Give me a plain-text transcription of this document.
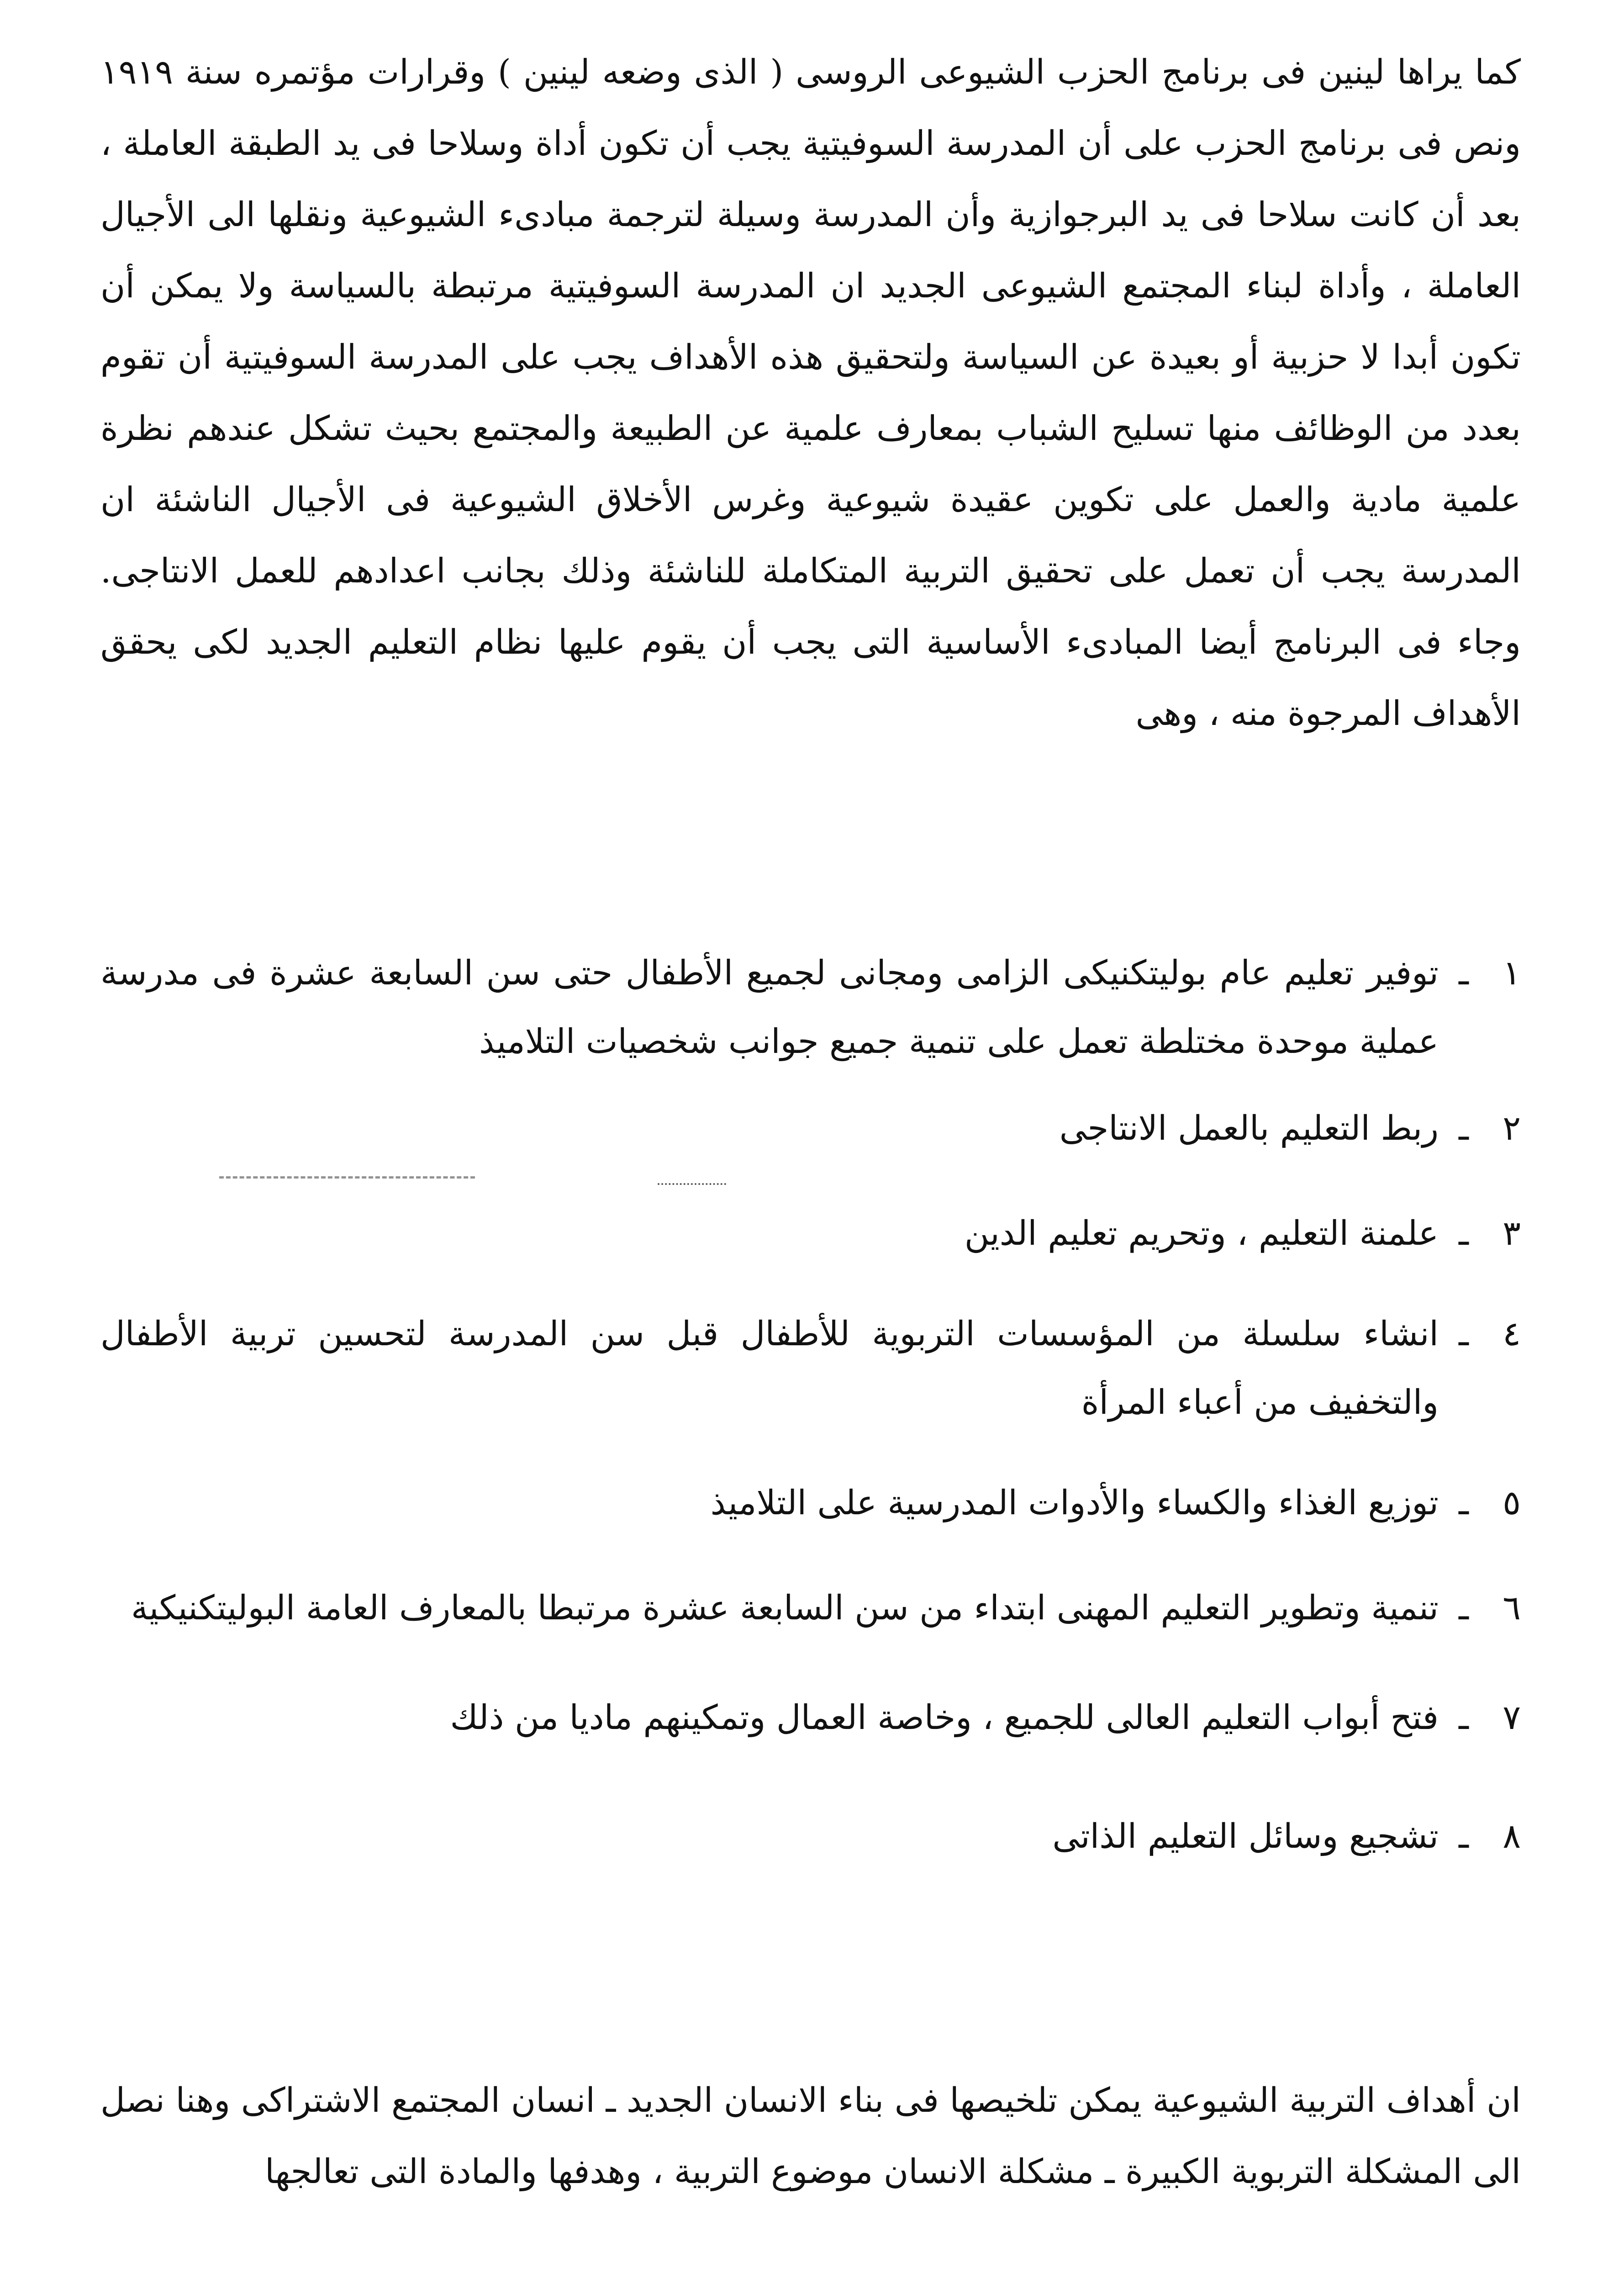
كما يراها لينين فى برنامج الحزب الشيوعى الروسى ( الذى وضعه لينين ) وقرارات مؤتمره سنة ١٩١٩ ونص فى برنامج الحزب على أن المدرسة السوفيتية يجب أن تكون أداة وسلاحا فى يد الطبقة العاملة ، بعد أن كانت سلاحا فى يد البرجوازية وأن المدرسة وسيلة لترجمة مبادىء الشيوعية ونقلها الى الأجيال العاملة ، وأداة لبناء المجتمع الشيوعى الجديد ان المدرسة السوفيتية مرتبطة بالسياسة ولا يمكن أن تكون أبدا لا حزبية أو بعيدة عن السياسة ولتحقيق هذه الأهداف يجب على المدرسة السوفيتية أن تقوم بعدد من الوظائف منها تسليح الشباب بمعارف علمية عن الطبيعة والمجتمع بحيث تشكل عندهم نظرة علمية مادية والعمل على تكوين عقيدة شيوعية وغرس الأخلاق الشيوعية فى الأجيال الناشئة ان المدرسة يجب أن تعمل على تحقيق التربية المتكاملة للناشئة وذلك بجانب اعدادهم للعمل الانتاجى. وجاء فى البرنامج أيضا المبادىء الأساسية التى يجب أن يقوم عليها نظام التعليم الجديد لكى يحقق الأهداف المرجوة منه ، وهى

١
ـ
توفير تعليم عام بوليتكنيكى الزامى ومجانى لجميع الأطفال حتى سن السابعة عشرة فى مدرسة عملية موحدة مختلطة تعمل على تنمية جميع جوانب شخصيات التلاميذ
٢
ـ
ربط التعليم بالعمل الانتاجى
٣
ـ
علمنة التعليم ، وتحريم تعليم الدين
٤
ـ
انشاء سلسلة من المؤسسات التربوية للأطفال قبل سن المدرسة لتحسين تربية الأطفال والتخفيف من أعباء المرأة
٥
ـ
توزيع الغذاء والكساء والأدوات المدرسية على التلاميذ
٦
ـ
تنمية وتطوير التعليم المهنى ابتداء من سن السابعة عشرة مرتبطا بالمعارف العامة البوليتكنيكية
٧
ـ
فتح أبواب التعليم العالى للجميع ، وخاصة العمال وتمكينهم ماديا من ذلك
٨
ـ
تشجيع وسائل التعليم الذاتى

ان أهداف التربية الشيوعية يمكن تلخيصها فى بناء الانسان الجديد ـ انسان المجتمع الاشتراكى وهنا نصل الى المشكلة التربوية الكبيرة ـ مشكلة الانسان موضوع التربية ، وهدفها والمادة التى تعالجها
